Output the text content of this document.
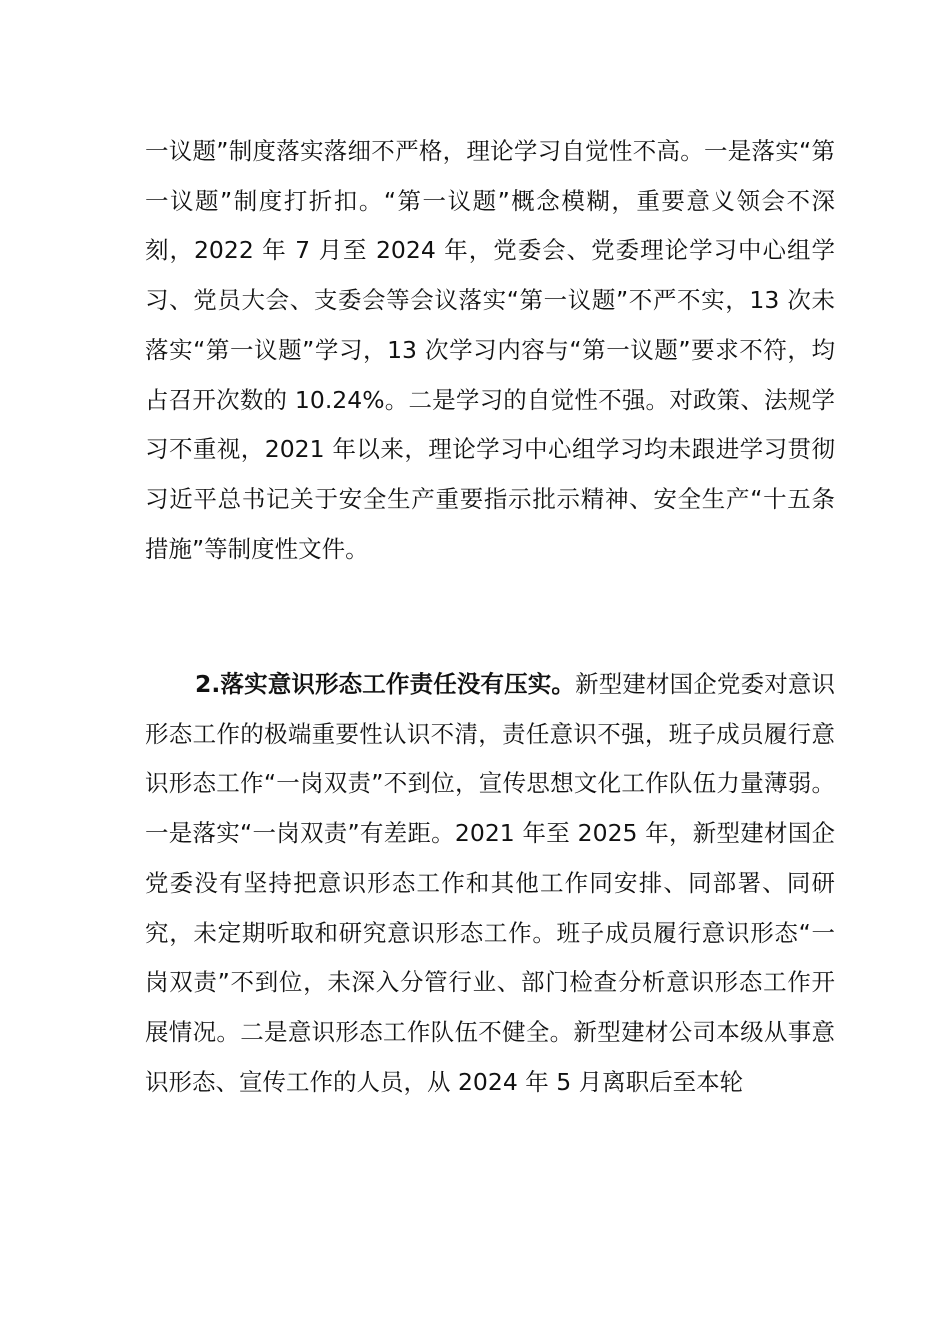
一议题”制度落实落细不严格，理论学习自觉性不高。一是落实“第一议题”制度打折扣。“第一议题”概念模糊，重要意义领会不深刻，2022 年 7 月至 2024 年，党委会、党委理论学习中心组学习、党员大会、支委会等会议落实“第一议题”不严不实，13 次未落实“第一议题”学习，13 次学习内容与“第一议题”要求不符，均占召开次数的 10.24%。二是学习的自觉性不强。对政策、法规学习不重视，2021 年以来，理论学习中心组学习均未跟进学习贯彻习近平总书记关于安全生产重要指示批示精神、安全生产“十五条措施”等制度性文件。

2.落实意识形态工作责任没有压实。新型建材国企党委对意识形态工作的极端重要性认识不清，责任意识不强，班子成员履行意识形态工作“一岗双责”不到位，宣传思想文化工作队伍力量薄弱。一是落实“一岗双责”有差距。2021 年至 2025 年，新型建材国企党委没有坚持把意识形态工作和其他工作同安排、同部署、同研究，未定期听取和研究意识形态工作。班子成员履行意识形态“一岗双责”不到位，未深入分管行业、部门检查分析意识形态工作开展情况。二是意识形态工作队伍不健全。新型建材公司本级从事意识形态、宣传工作的人员，从 2024 年 5 月离职后至本轮
